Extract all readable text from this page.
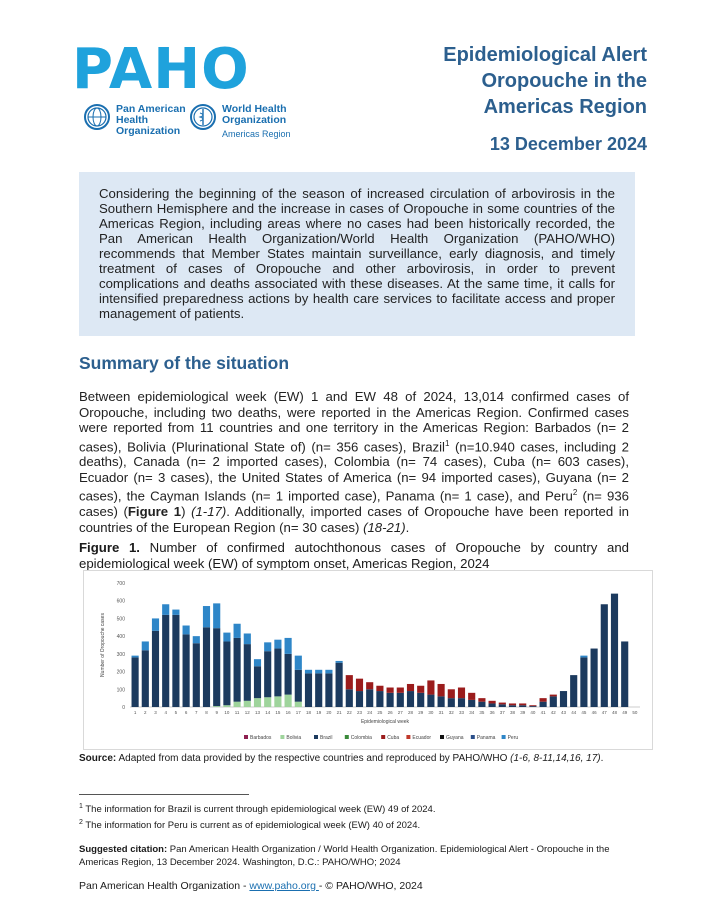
PAHO
Pan American
Health
Organization
World Health
Organization
Americas Region
Epidemiological Alert
Oropouche in the
Americas Region
13 December 2024
Considering the beginning of the season of increased circulation of arbovirosis in the Southern Hemisphere and the increase in cases of Oropouche in some countries of the Americas Region, including areas where no cases had been historically recorded, the Pan American Health Organization/World Health Organization (PAHO/WHO) recommends that Member States maintain surveillance, early diagnosis, and timely treatment of cases of Oropouche and other arbovirosis, in order to prevent complications and deaths associated with these diseases. At the same time, it calls for intensified preparedness actions by health care services to facilitate access and proper management of patients.
Summary of the situation
Between epidemiological week (EW) 1 and EW 48 of 2024, 13,014 confirmed cases of Oropouche, including two deaths, were reported in the Americas Region. Confirmed cases were reported from 11 countries and one territory in the Americas Region: Barbados (n= 2 cases), Bolivia (Plurinational State of) (n= 356 cases), Brazil$^1$ (n=10.940 cases, including 2 deaths), Canada (n= 2 imported cases), Colombia (n= 74 cases), Cuba (n= 603 cases), Ecuador (n= 3 cases), the United States of America (n= 94 imported cases), Guyana (n= 2 cases), the Cayman Islands (n= 1 imported case), Panama (n= 1 case), and Peru$^2$ (n= 936 cases) (Figure 1) (1-17). Additionally, imported cases of Oropouche have been reported in countries of the European Region (n= 30 cases) (18-21).
Figure 1. Number of confirmed autochthonous cases of Oropouche by country and epidemiological week (EW) of symptom onset, Americas Region, 2024
0
100
200
300
400
500
600
700
Number of Oropouche cases
1 2 3 4 5 6 7 8 9 10 11 12 13 14 15 16 17 18 19 20 21 22 23 24 25 26 27 28 29 30 31 32 33 34 35 36 37 38 39 40 41 42 43 44 45 46 47 48 49 50
Epidemiological week
Barbados	Bolivia	Brazil	Colombia	Cuba	Ecuador	Guyana	Panama Peru
Source: Adapted from data provided by the respective countries and reproduced by PAHO/WHO (1-6, 8-11,14,16, 17).
$^1$ The information for Brazil is current through epidemiological week (EW) 49 of 2024.
$^2$ The information for Peru is current as of epidemiological week (EW) 40 of 2024.
Suggested citation: Pan American Health Organization / World Health Organization. Epidemiological Alert - Oropouche in the Americas Region, 13 December 2024. Washington, D.C.: PAHO/WHO; 2024
Pan American Health Organization - www.paho.org - © PAHO/WHO, 2024
